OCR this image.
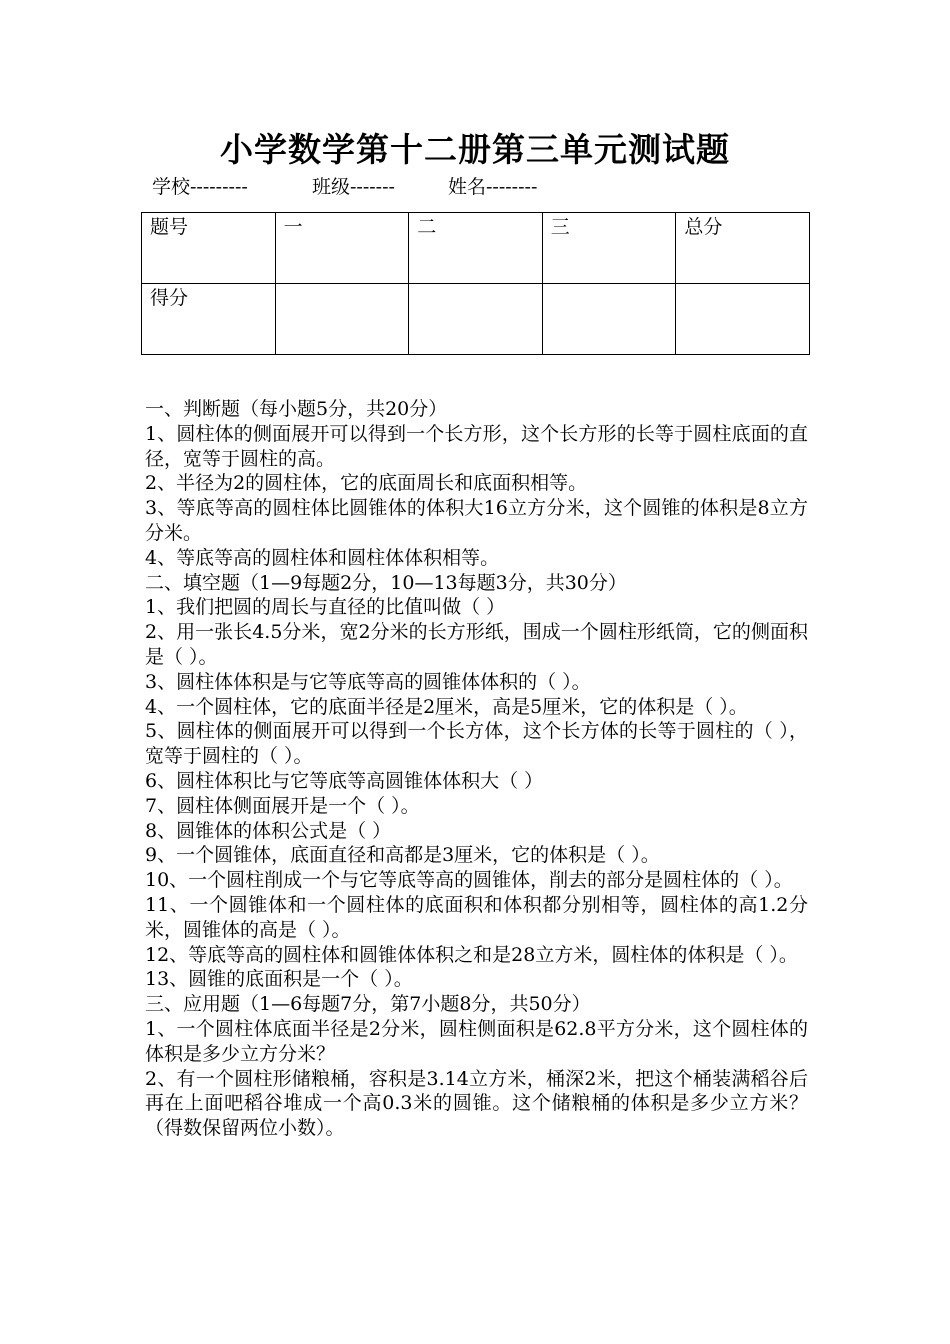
小学数学第十二册第三单元测试题
学校---------	班级-------	姓名--------
题号	一	二	三	总分
得分				

一、判断题（每小题5分，共20分）

1、圆柱体的侧面展开可以得到一个长方形，这个长方形的长等于圆柱底面的直径，宽等于圆柱的高。

2、半径为2的圆柱体，它的底面周长和底面积相等。

3、等底等高的圆柱体比圆锥体的体积大16立方分米，这个圆锥的体积是8立方分米。

4、等底等高的圆柱体和圆柱体体积相等。

二、填空题（1—9每题2分，10—13每题3分，共30分）

1、我们把圆的周长与直径的比值叫做（ ）

2、用一张长4.5分米，宽2分米的长方形纸，围成一个圆柱形纸筒，它的侧面积是（ ）。

3、圆柱体体积是与它等底等高的圆锥体体积的（ ）。

4、一个圆柱体，它的底面半径是2厘米，高是5厘米，它的体积是（ ）。

5、圆柱体的侧面展开可以得到一个长方体，这个长方体的长等于圆柱的（ ），宽等于圆柱的（ ）。

6、圆柱体积比与它等底等高圆锥体体积大（ ）

7、圆柱体侧面展开是一个（ ）。

8、圆锥体的体积公式是（ ）

9、一个圆锥体，底面直径和高都是3厘米，它的体积是（ ）。

10、一个圆柱削成一个与它等底等高的圆锥体，削去的部分是圆柱体的（ ）。

11、一个圆锥体和一个圆柱体的底面积和体积都分别相等，圆柱体的高1.2分米，圆锥体的高是（ ）。

12、等底等高的圆柱体和圆锥体体积之和是28立方米，圆柱体的体积是（ ）。

13、圆锥的底面积是一个（ ）。

三、应用题（1—6每题7分，第7小题8分，共50分）

1、一个圆柱体底面半径是2分米，圆柱侧面积是62.8平方分米，这个圆柱体的体积是多少立方分米？

2、有一个圆柱形储粮桶，容积是3.14立方米，桶深2米，把这个桶装满稻谷后再在上面吧稻谷堆成一个高0.3米的圆锥。这个储粮桶的体积是多少立方米？（得数保留两位小数）。
